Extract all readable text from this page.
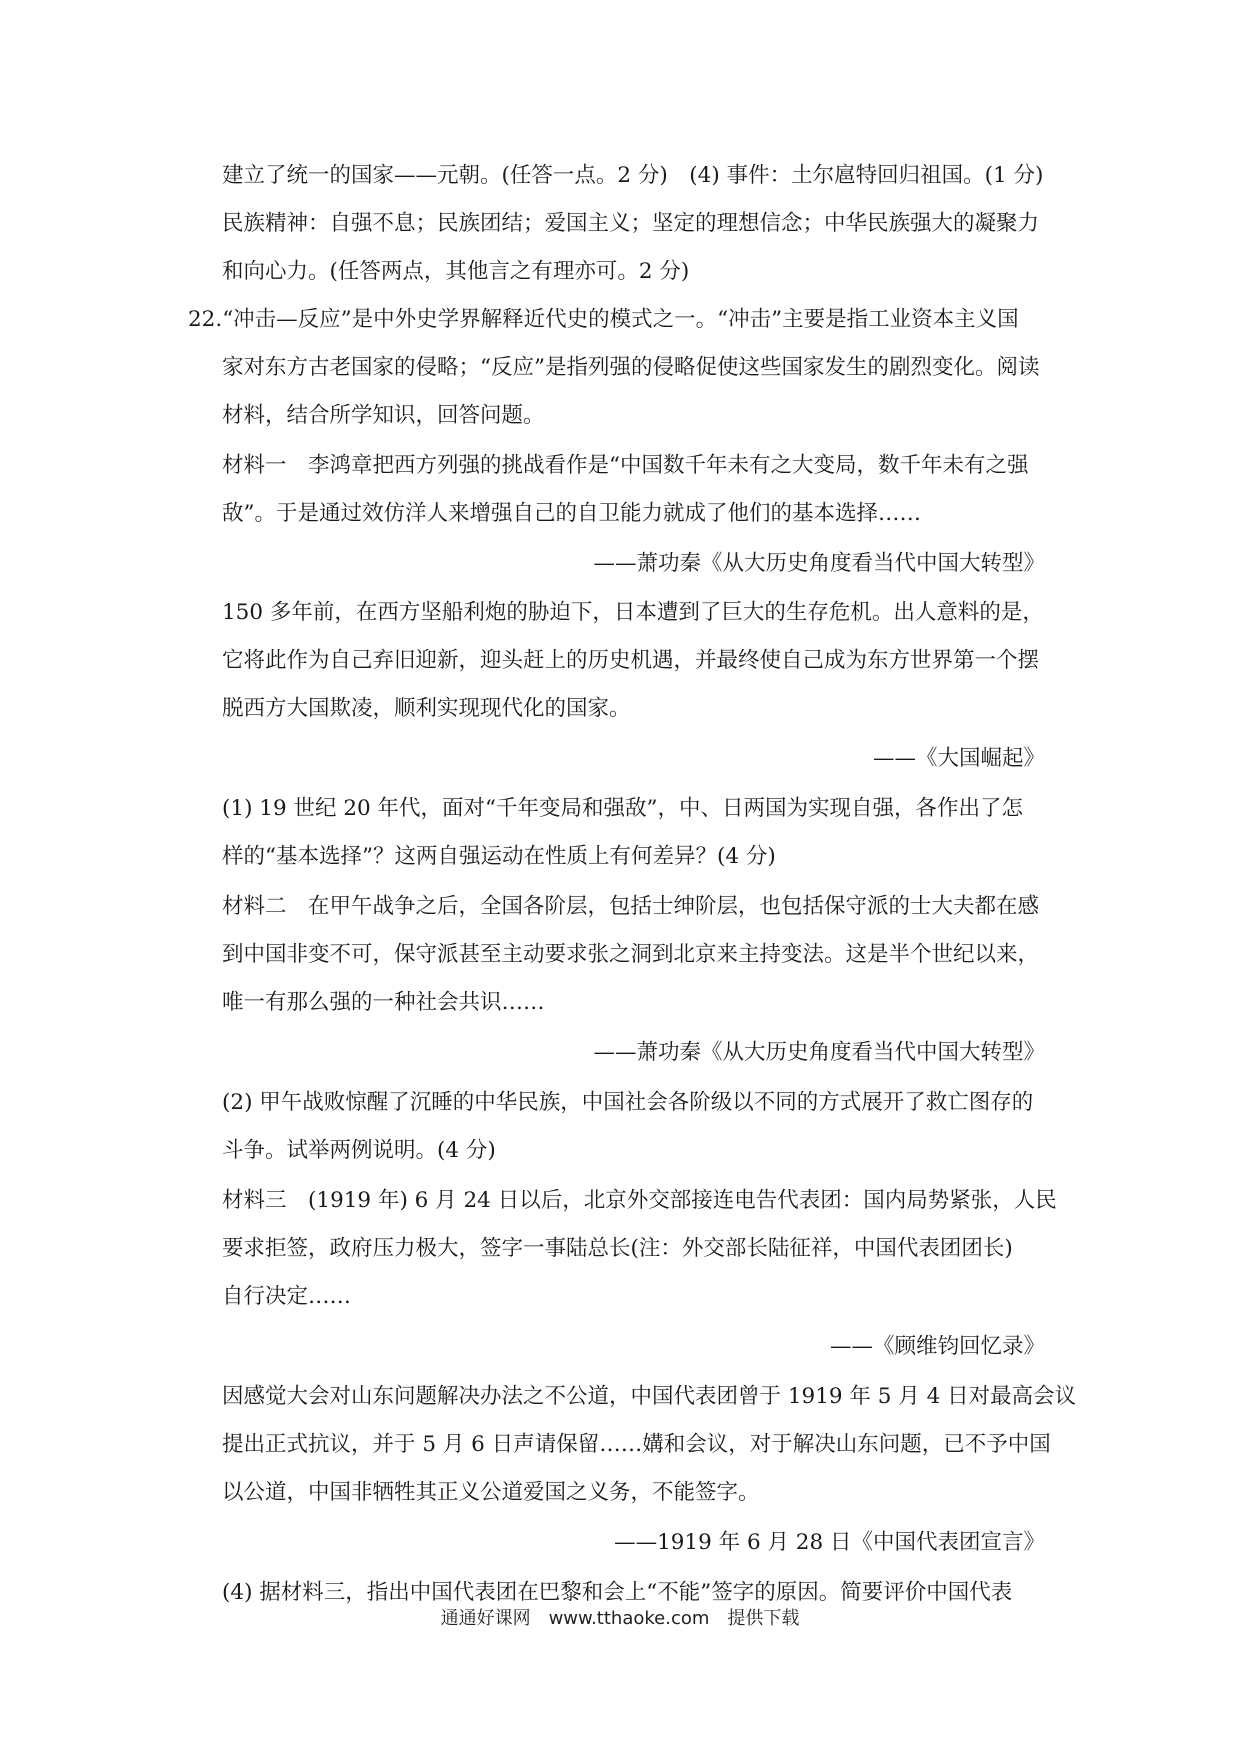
建立了统一的国家——元朝。(任答一点。2 分)　(4) 事件：土尔扈特回归祖国。(1 分)
民族精神：自强不息；民族团结；爱国主义；坚定的理想信念；中华民族强大的凝聚力
和向心力。(任答两点，其他言之有理亦可。2 分)
22.“冲击—反应”是中外史学界解释近代史的模式之一。“冲击”主要是指工业资本主义国
家对东方古老国家的侵略；“反应”是指列强的侵略促使这些国家发生的剧烈变化。阅读
材料，结合所学知识，回答问题。
材料一　李鸿章把西方列强的挑战看作是“中国数千年未有之大变局，数千年未有之强
敌”。于是通过效仿洋人来增强自己的自卫能力就成了他们的基本选择……
——萧功秦《从大历史角度看当代中国大转型》
150 多年前，在西方坚船利炮的胁迫下，日本遭到了巨大的生存危机。出人意料的是，
它将此作为自己弃旧迎新，迎头赶上的历史机遇，并最终使自己成为东方世界第一个摆
脱西方大国欺凌，顺利实现现代化的国家。
——《大国崛起》
(1) 19 世纪 20 年代，面对“千年变局和强敌”，中、日两国为实现自强，各作出了怎
样的“基本选择”？这两自强运动在性质上有何差异？(4 分)
材料二　在甲午战争之后，全国各阶层，包括士绅阶层，也包括保守派的士大夫都在感
到中国非变不可，保守派甚至主动要求张之洞到北京来主持变法。这是半个世纪以来，
唯一有那么强的一种社会共识……
——萧功秦《从大历史角度看当代中国大转型》
(2) 甲午战败惊醒了沉睡的中华民族，中国社会各阶级以不同的方式展开了救亡图存的
斗争。试举两例说明。(4 分)
材料三　(1919 年) 6 月 24 日以后，北京外交部接连电告代表团：国内局势紧张，人民
要求拒签，政府压力极大，签字一事陆总长(注：外交部长陆征祥，中国代表团团长)
自行决定……
——《顾维钧回忆录》
因感觉大会对山东问题解决办法之不公道，中国代表团曾于 1919 年 5 月 4 日对最高会议
提出正式抗议，并于 5 月 6 日声请保留……媾和会议，对于解决山东问题，已不予中国
以公道，中国非牺牲其正义公道爱国之义务，不能签字。
——1919 年 6 月 28 日《中国代表团宣言》
(4) 据材料三，指出中国代表团在巴黎和会上“不能”签字的原因。简要评价中国代表
通通好课网　www.tthaoke.com　提供下载
